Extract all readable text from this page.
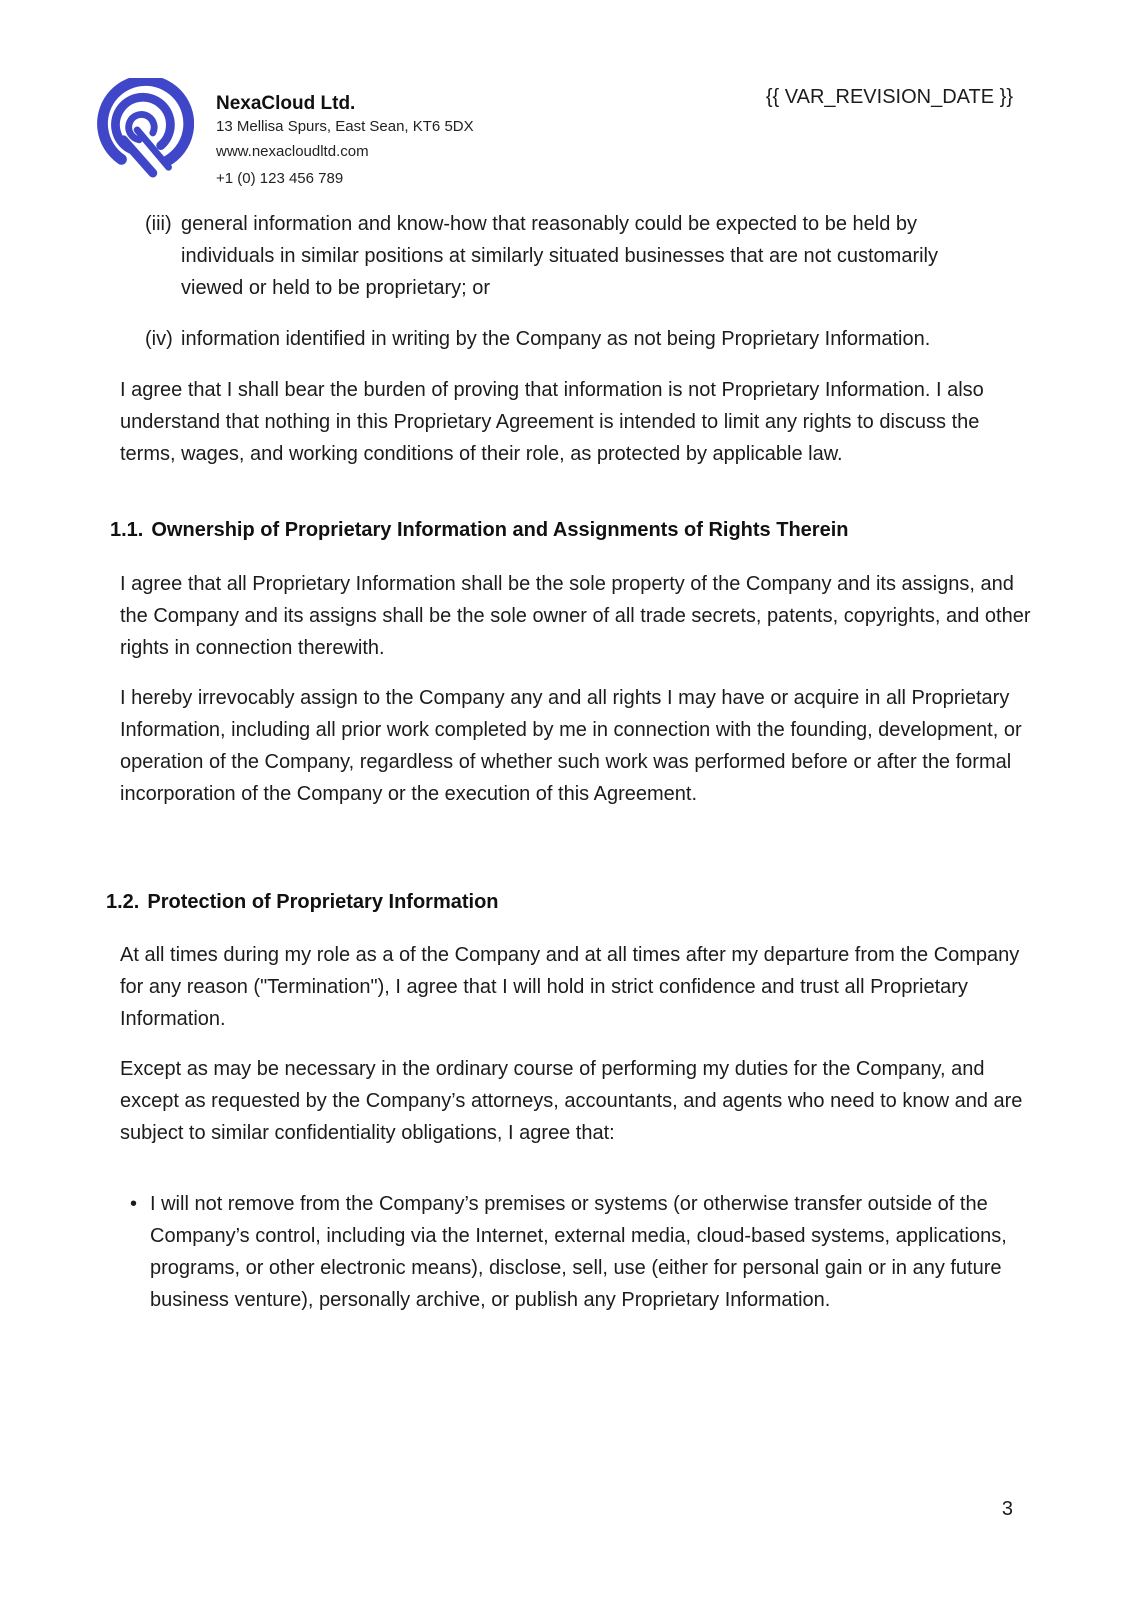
NexaCloud Ltd.
13 Mellisa Spurs, East Sean, KT6 5DX
www.nexacloudltd.com
+1 (0) 123 456 789
{{ VAR_REVISION_DATE }}
(iii) general information and know-how that reasonably could be expected to be held by individuals in similar positions at similarly situated businesses that are not customarily viewed or held to be proprietary; or
(iv) information identified in writing by the Company as not being Proprietary Information.
I agree that I shall bear the burden of proving that information is not Proprietary Information. I also understand that nothing in this Proprietary Agreement is intended to limit any rights to discuss the terms, wages, and working conditions of their role, as protected by applicable law.
1.1. Ownership of Proprietary Information and Assignments of Rights Therein
I agree that all Proprietary Information shall be the sole property of the Company and its assigns, and the Company and its assigns shall be the sole owner of all trade secrets, patents, copyrights, and other rights in connection therewith.
I hereby irrevocably assign to the Company any and all rights I may have or acquire in all Proprietary Information, including all prior work completed by me in connection with the founding, development, or operation of the Company, regardless of whether such work was performed before or after the formal incorporation of the Company or the execution of this Agreement.
1.2. Protection of Proprietary Information
At all times during my role as a of the Company and at all times after my departure from the Company for any reason ("Termination"), I agree that I will hold in strict confidence and trust all Proprietary Information.
Except as may be necessary in the ordinary course of performing my duties for the Company, and except as requested by the Company’s attorneys, accountants, and agents who need to know and are subject to similar confidentiality obligations, I agree that:
• I will not remove from the Company’s premises or systems (or otherwise transfer outside of the Company’s control, including via the Internet, external media, cloud-based systems, applications, programs, or other electronic means), disclose, sell, use (either for personal gain or in any future business venture), personally archive, or publish any Proprietary Information.
3
